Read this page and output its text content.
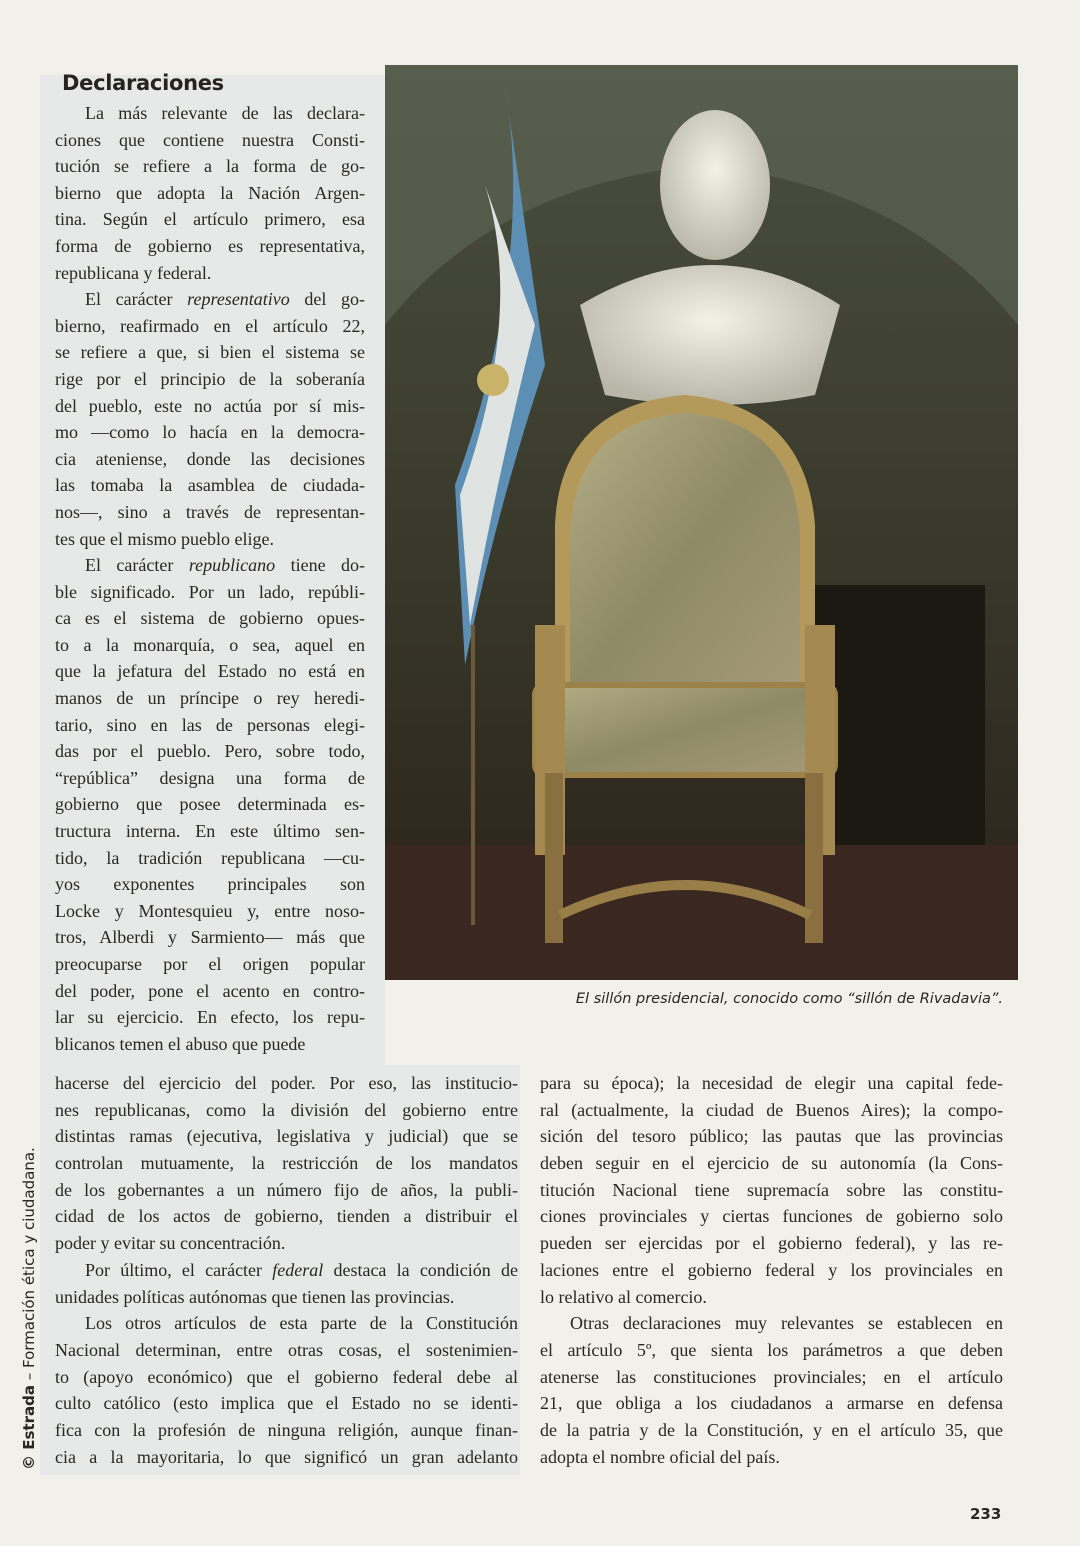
Declaraciones
La más relevante de las declara-
ciones que contiene nuestra Consti-
tución se refiere a la forma de go-
bierno que adopta la Nación Argen-
tina. Según el artículo primero, esa
forma de gobierno es representativa,
republicana y federal.
El carácter representativo del go-
bierno, reafirmado en el artículo 22,
se refiere a que, si bien el sistema se
rige por el principio de la soberanía
del pueblo, este no actúa por sí mis-
mo —como lo hacía en la democra-
cia ateniense, donde las decisiones
las tomaba la asamblea de ciudada-
nos—, sino a través de representan-
tes que el mismo pueblo elige.
El carácter republicano tiene do-
ble significado. Por un lado, repúbli-
ca es el sistema de gobierno opues-
to a la monarquía, o sea, aquel en
que la jefatura del Estado no está en
manos de un príncipe o rey heredi-
tario, sino en las de personas elegi-
das por el pueblo. Pero, sobre todo,
“república” designa una forma de
gobierno que posee determinada es-
tructura interna. En este último sen-
tido, la tradición republicana —cu-
yos exponentes principales son
Locke y Montesquieu y, entre noso-
tros, Alberdi y Sarmiento— más que
preocuparse por el origen popular
del poder, pone el acento en contro-
lar su ejercicio. En efecto, los repu-
blicanos temen el abuso que puede
hacerse del ejercicio del poder. Por eso, las institucio-
nes republicanas, como la división del gobierno entre
distintas ramas (ejecutiva, legislativa y judicial) que se
controlan mutuamente, la restricción de los mandatos
de los gobernantes a un número fijo de años, la publi-
cidad de los actos de gobierno, tienden a distribuir el
poder y evitar su concentración.
Por último, el carácter federal destaca la condición de
unidades políticas autónomas que tienen las provincias.
Los otros artículos de esta parte de la Constitución
Nacional determinan, entre otras cosas, el sostenimien-
to (apoyo económico) que el gobierno federal debe al
culto católico (esto implica que el Estado no se identi-
fica con la profesión de ninguna religión, aunque finan-
cia a la mayoritaria, lo que significó un gran adelanto
para su época); la necesidad de elegir una capital fede-
ral (actualmente, la ciudad de Buenos Aires); la compo-
sición del tesoro público; las pautas que las provincias
deben seguir en el ejercicio de su autonomía (la Cons-
titución Nacional tiene supremacía sobre las constitu-
ciones provinciales y ciertas funciones de gobierno solo
pueden ser ejercidas por el gobierno federal), y las re-
laciones entre el gobierno federal y los provinciales en
lo relativo al comercio.
Otras declaraciones muy relevantes se establecen en
el artículo 5º, que sienta los parámetros a que deben
atenerse las constituciones provinciales; en el artículo
21, que obliga a los ciudadanos a armarse en defensa
de la patria y de la Constitución, y en el artículo 35, que
adopta el nombre oficial del país.
El sillón presidencial, conocido como “sillón de Rivadavia”.
© Estrada – Formación ética y ciudadana.
233
